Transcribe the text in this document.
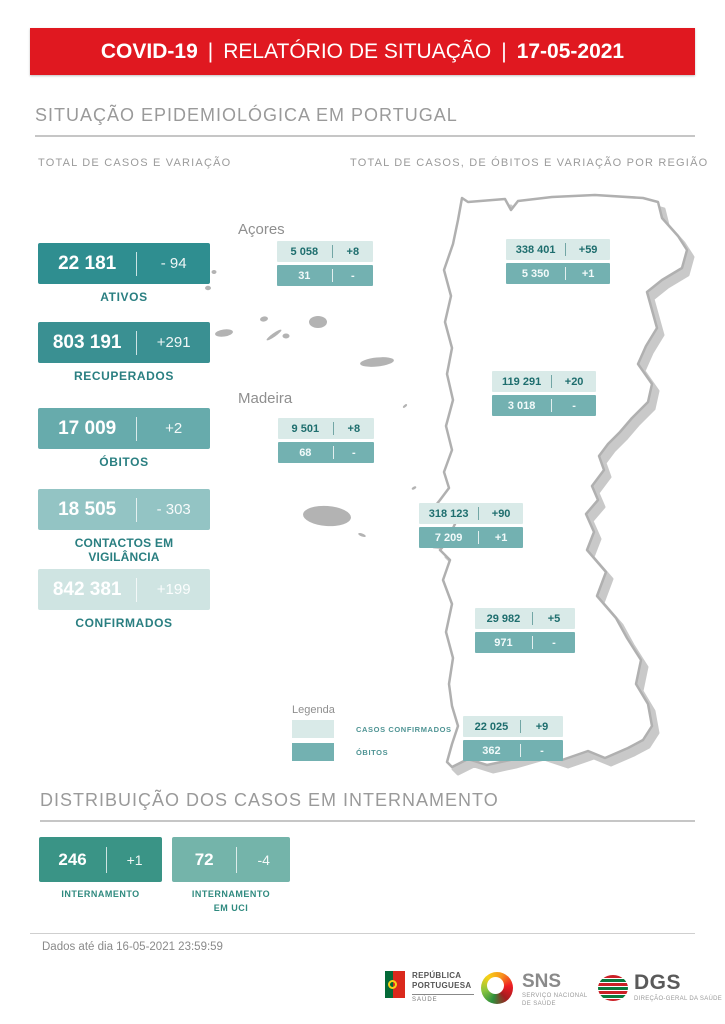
COVID-19 | RELATÓRIO DE SITUAÇÃO | 17-05-2021
SITUAÇÃO EPIDEMIOLÓGICA EM PORTUGAL
TOTAL DE CASOS E VARIAÇÃO	TOTAL DE CASOS, DE ÓBITOS E VARIAÇÃO POR REGIÃO
22 181	- 94
ATIVOS
803 191	+291
RECUPERADOS
17 009	+2
ÓBITOS
18 505	- 303
CONTACTOS EM VIGILÂNCIA
842 381	+199
CONFIRMADOS
Açores
Madeira
5 058	+8
31	-
9 501	+8
68	-
338 401	+59
5 350	+1
119 291	+20
3 018	-
318 123	+90
7 209	+1
29 982	+5
971	-
22 025	+9
362	-
Legenda
CASOS CONFIRMADOS
ÓBITOS
DISTRIBUIÇÃO DOS CASOS EM INTERNAMENTO
246	+1
INTERNAMENTO
72	-4
INTERNAMENTO
EM UCI
Dados até dia 16-05-2021 23:59:59
REPÚBLICA
PORTUGUESA
SAÚDE
SNS
SERVIÇO NACIONAL
DE SAÚDE
DGS
DIREÇÃO-GERAL DA SAÚDE
